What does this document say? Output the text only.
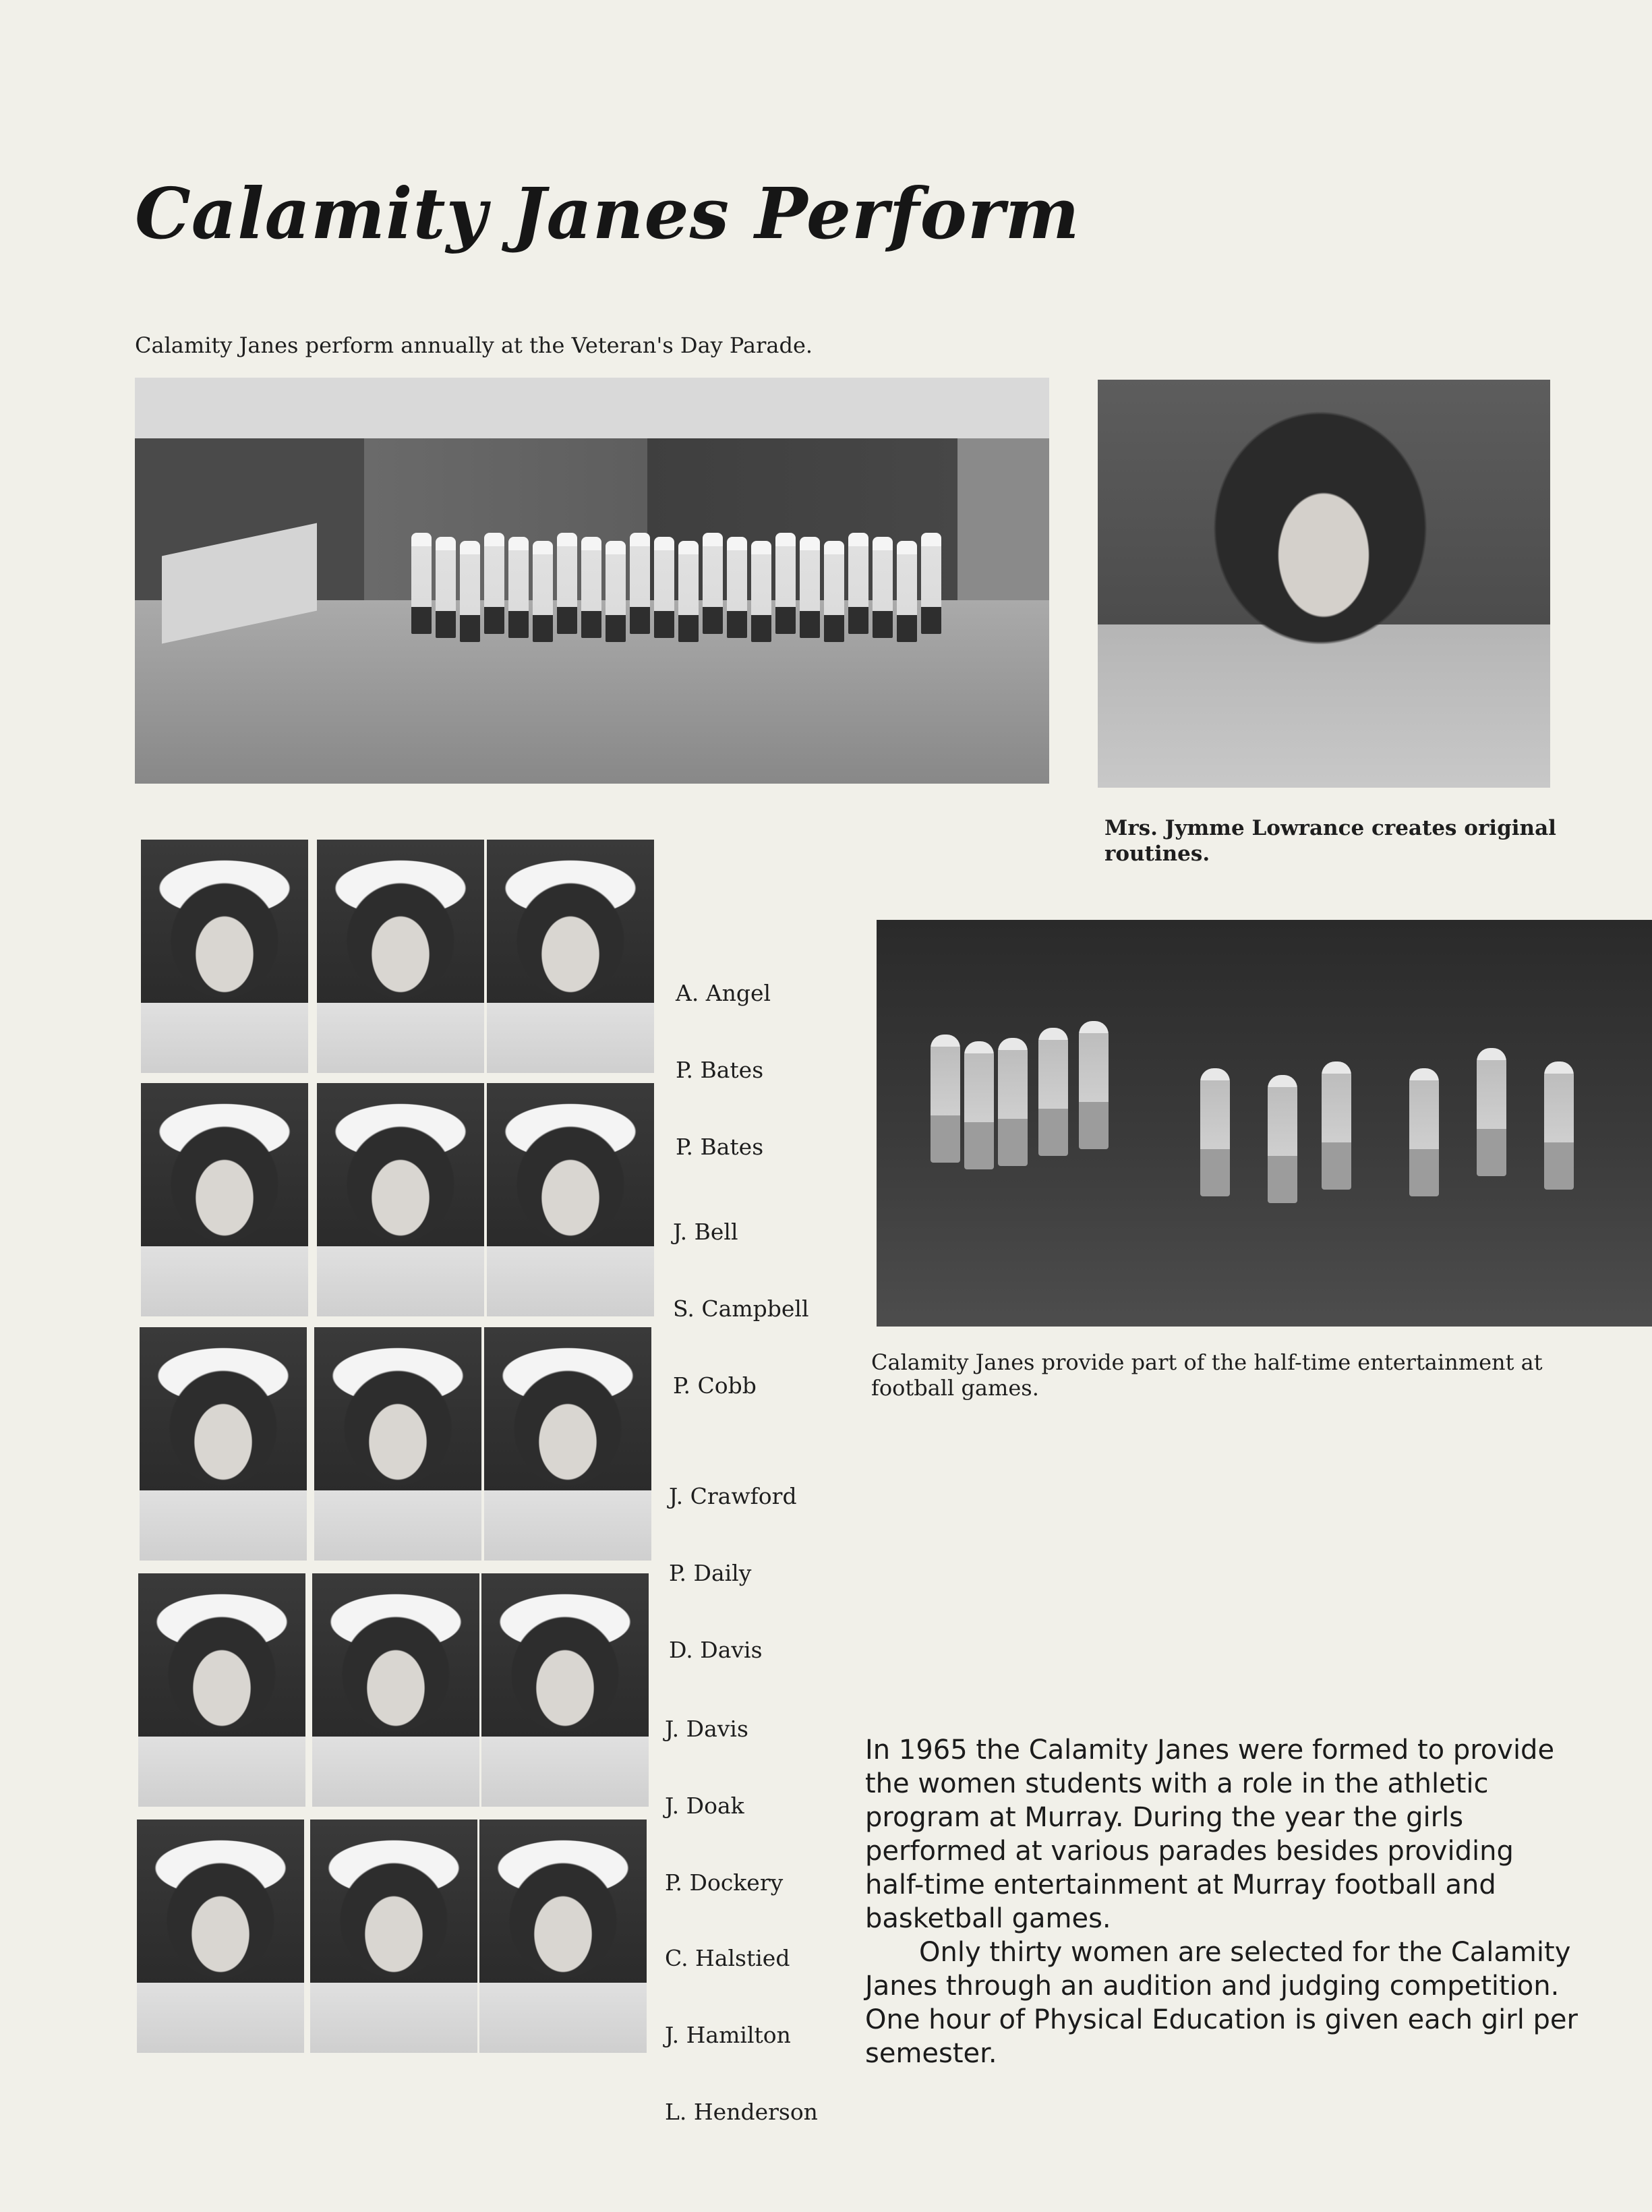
Calamity Janes Perform
Calamity Janes perform annually at the Veteran's Day Parade.
Mrs. Jymme Lowrance creates original routines.
Calamity Janes provide part of the half-time entertainment at football games.

A. Angel

P. Bates

P. Bates

J. Bell

S. Campbell

P. Cobb

J. Crawford

P. Daily

D. Davis

J. Davis

J. Doak

P. Dockery

C. Halstied

J. Hamilton

L. Henderson

In 1965 the Calamity Janes were formed to provide the women students with a role in the athletic program at Murray. During the year the girls performed at various parades besides providing half-time entertainment at Murray football and basketball games.

Only thirty women are selected for the Calamity Janes through an audition and judging competition. One hour of Physical Education is given each girl per semester.
